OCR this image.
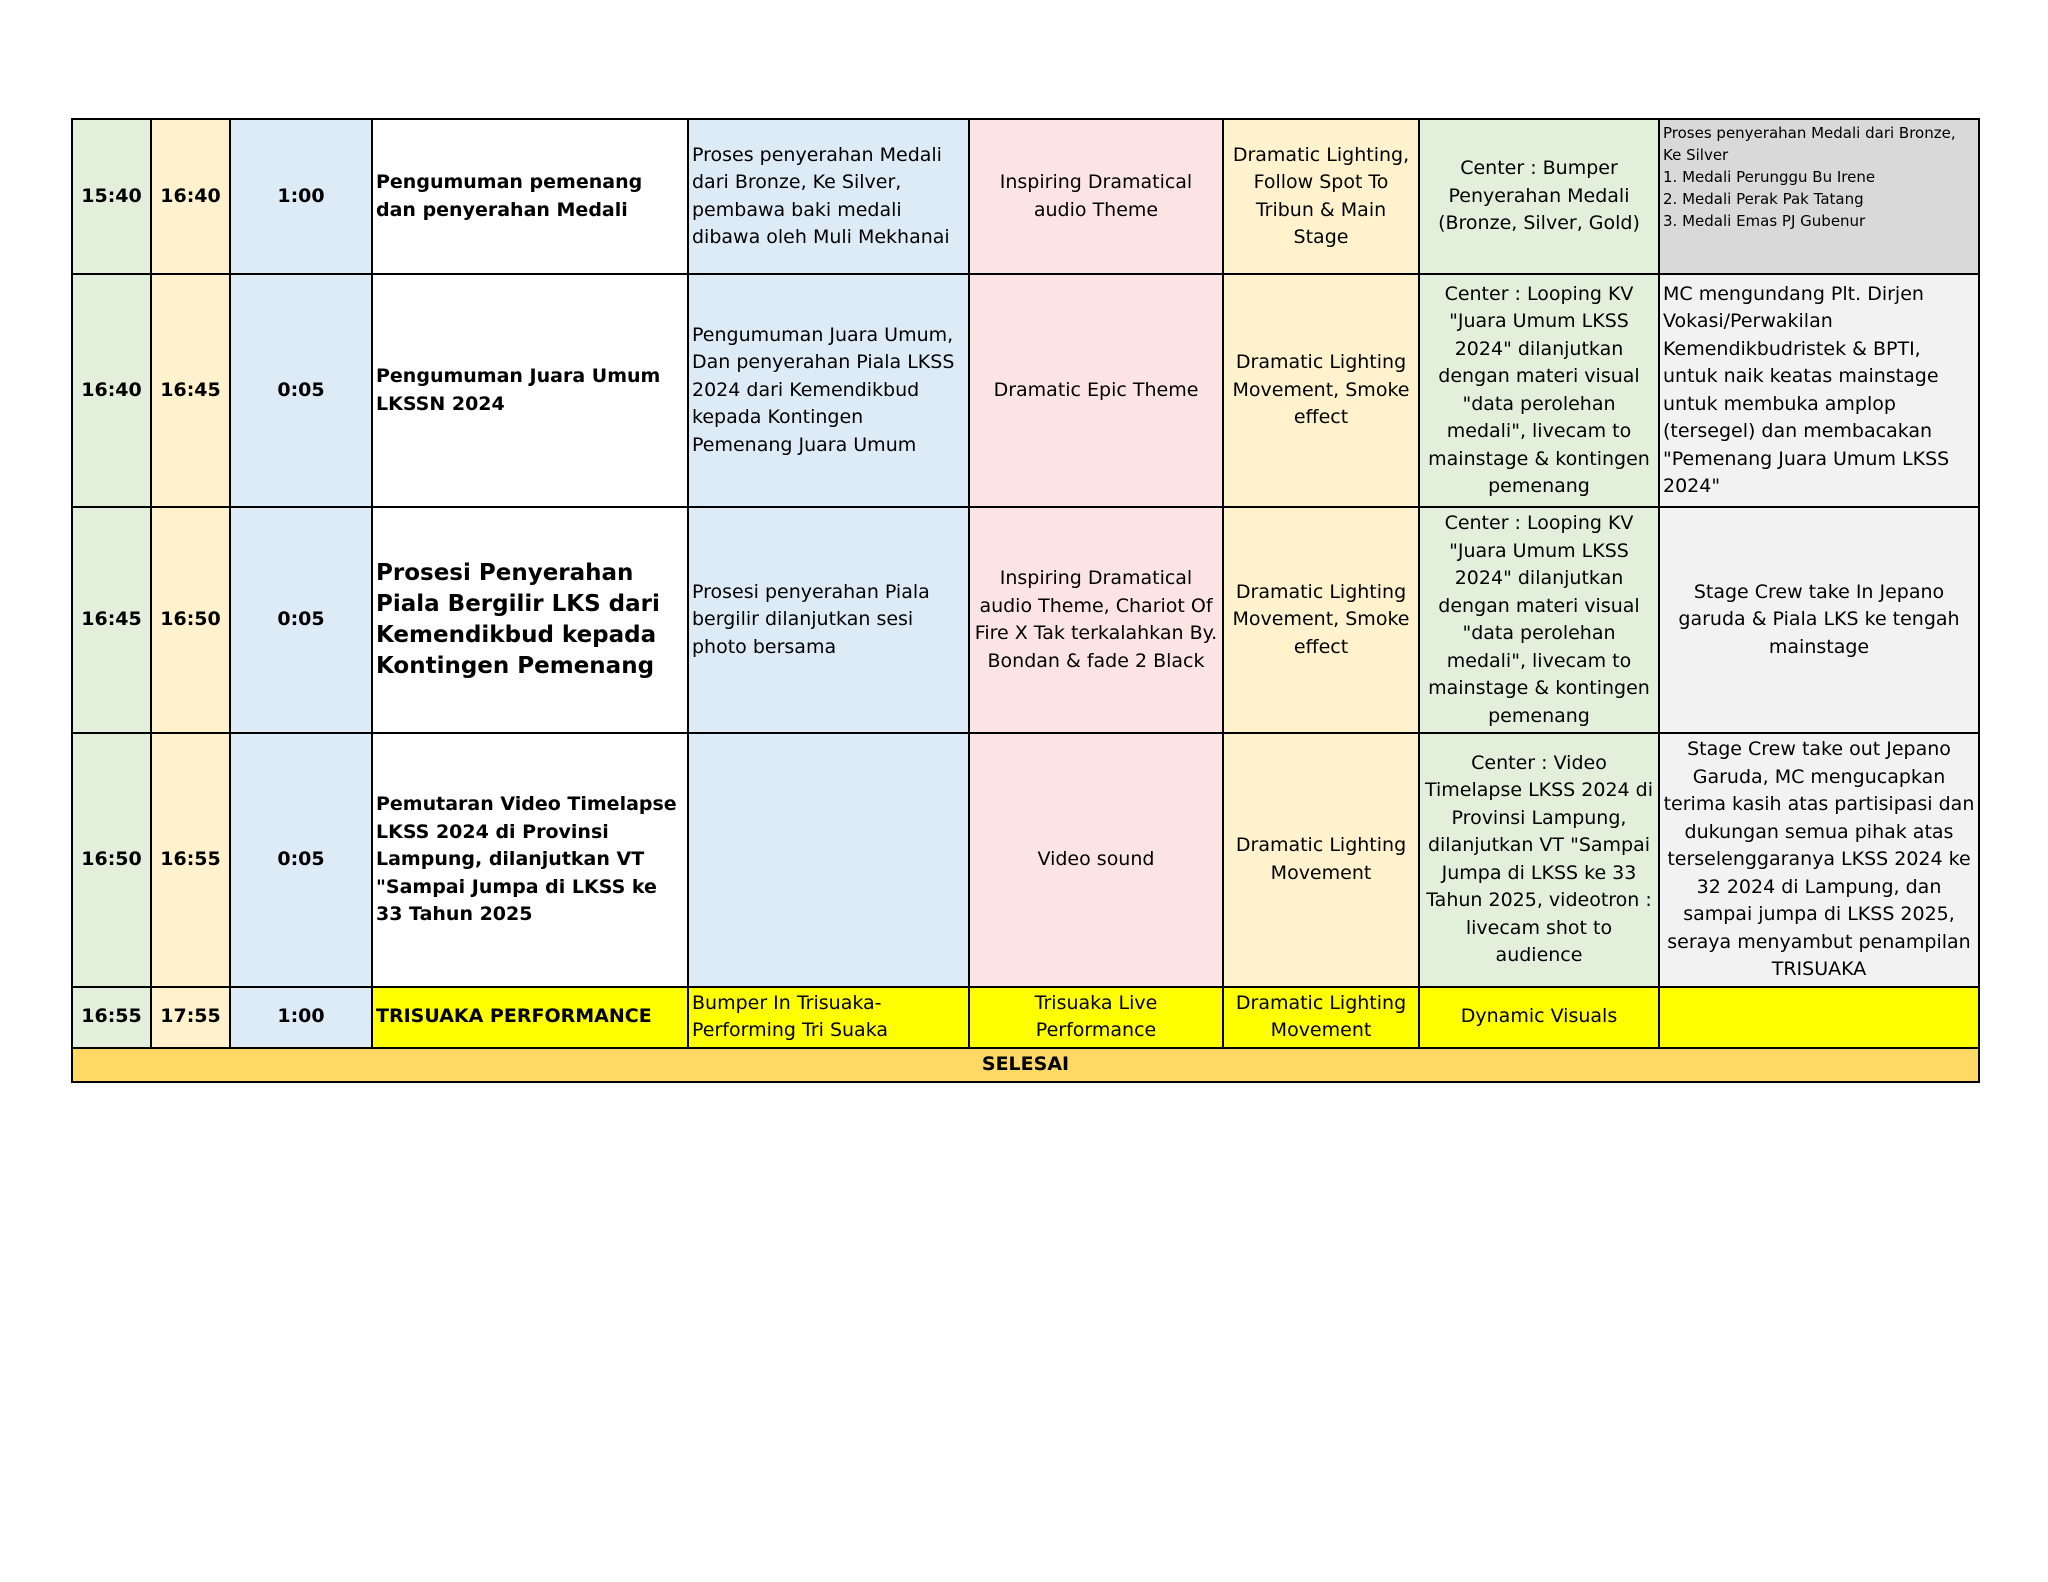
15:40	16:40	1:00	Pengumuman pemenang dan penyerahan Medali	Proses penyerahan Medali dari Bronze, Ke Silver, pembawa baki medali dibawa oleh Muli Mekhanai	Inspiring Dramatical audio Theme	Dramatic Lighting, Follow Spot To Tribun & Main Stage	Center : Bumper Penyerahan Medali (Bronze, Silver, Gold)	Proses penyerahan Medali dari Bronze, Ke Silver
1. Medali Perunggu Bu Irene
2. Medali Perak Pak Tatang
3. Medali Emas PJ Gubenur

16:40	16:45	0:05	Pengumuman Juara Umum LKSSN 2024	Pengumuman Juara Umum, Dan penyerahan Piala LKSS 2024 dari Kemendikbud kepada Kontingen Pemenang Juara Umum	Dramatic Epic Theme	Dramatic Lighting Movement, Smoke effect	Center : Looping KV "Juara Umum LKSS 2024" dilanjutkan dengan materi visual "data perolehan medali", livecam to mainstage & kontingen pemenang	MC mengundang Plt. Dirjen Vokasi/Perwakilan Kemendikbudristek & BPTI, untuk naik keatas mainstage untuk membuka amplop (tersegel) dan membacakan "Pemenang Juara Umum LKSS 2024"
16:45	16:50	0:05	Prosesi Penyerahan Piala Bergilir LKS dari Kemendikbud kepada Kontingen Pemenang	Prosesi penyerahan Piala bergilir dilanjutkan sesi photo bersama	Inspiring Dramatical audio Theme, Chariot Of Fire X Tak terkalahkan By. Bondan & fade 2 Black	Dramatic Lighting Movement, Smoke effect	Center : Looping KV "Juara Umum LKSS 2024" dilanjutkan dengan materi visual "data perolehan medali", livecam to mainstage & kontingen pemenang	Stage Crew take In Jepano garuda & Piala LKS ke tengah mainstage
16:50	16:55	0:05	Pemutaran Video Timelapse LKSS 2024 di Provinsi Lampung, dilanjutkan VT "Sampai Jumpa di LKSS ke 33 Tahun 2025		Video sound	Dramatic Lighting Movement	Center : Video Timelapse LKSS 2024 di Provinsi Lampung, dilanjutkan VT "Sampai Jumpa di LKSS ke 33 Tahun 2025, videotron : livecam shot to audience	Stage Crew take out Jepano Garuda, MC mengucapkan terima kasih atas partisipasi dan dukungan semua pihak atas terselenggaranya LKSS 2024 ke 32 2024 di Lampung, dan sampai jumpa di LKSS 2025, seraya menyambut penampilan TRISUAKA
16:55	17:55	1:00	TRISUAKA PERFORMANCE	Bumper In Trisuaka-Performing Tri Suaka	Trisuaka Live Performance	Dramatic Lighting Movement	Dynamic Visuals	
SELESAI								
